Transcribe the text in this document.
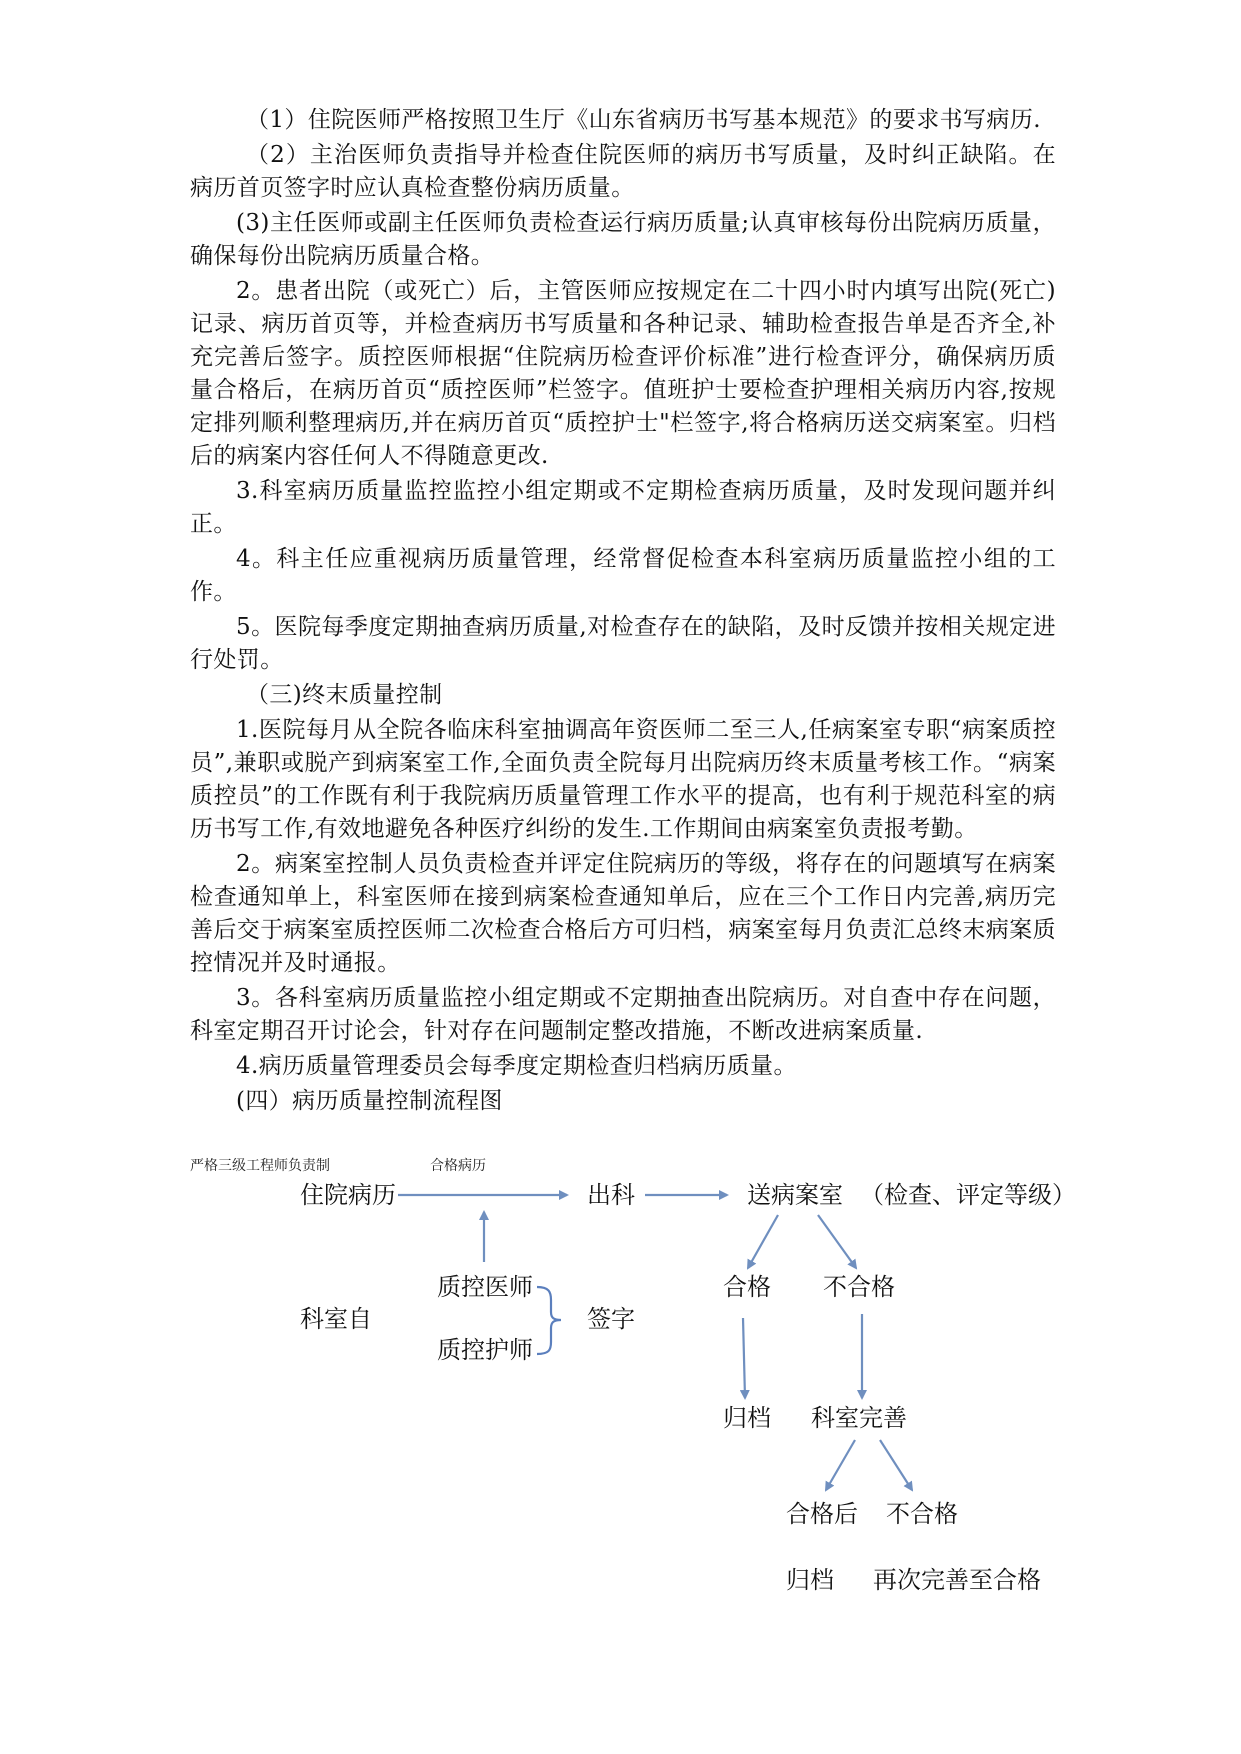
（1）住院医师严格按照卫生厅《山东省病历书写基本规范》的要求书写病历.

（2）主治医师负责指导并检查住院医师的病历书写质量，及时纠正缺陷。在病历首页签字时应认真检查整份病历质量。

(3)主任医师或副主任医师负责检查运行病历质量;认真审核每份出院病历质量，确保每份出院病历质量合格。

2。患者出院（或死亡）后，主管医师应按规定在二十四小时内填写出院(死亡)记录、病历首页等，并检查病历书写质量和各种记录、辅助检查报告单是否齐全,补充完善后签字。质控医师根据“住院病历检查评价标准”进行检查评分，确保病历质量合格后，在病历首页“质控医师”栏签字。值班护士要检查护理相关病历内容,按规定排列顺利整理病历,并在病历首页“质控护士"栏签字,将合格病历送交病案室。归档后的病案内容任何人不得随意更改.

3.科室病历质量监控监控小组定期或不定期检查病历质量，及时发现问题并纠正。

4。科主任应重视病历质量管理，经常督促检查本科室病历质量监控小组的工作。

5。医院每季度定期抽查病历质量,对检查存在的缺陷，及时反馈并按相关规定进行处罚。

（三)终末质量控制

1.医院每月从全院各临床科室抽调高年资医师二至三人,任病案室专职“病案质控员”,兼职或脱产到病案室工作,全面负责全院每月出院病历终末质量考核工作。“病案质控员”的工作既有利于我院病历质量管理工作水平的提高，也有利于规范科室的病历书写工作,有效地避免各种医疗纠纷的发生.工作期间由病案室负责报考勤。

2。病案室控制人员负责检查并评定住院病历的等级，将存在的问题填写在病案检查通知单上，科室医师在接到病案检查通知单后，应在三个工作日内完善,病历完善后交于病案室质控医师二次检查合格后方可归档，病案室每月负责汇总终末病案质控情况并及时通报。

3。各科室病历质量监控小组定期或不定期抽查出院病历。对自查中存在问题，科室定期召开讨论会，针对存在问题制定整改措施，不断改进病案质量.

4.病历质量管理委员会每季度定期检查归档病历质量。

(四）病历质量控制流程图

严格三级工程师负责制	合格病历
住院病历	出科	送病案室 （检查、评定等级）
质控医师
质控护师
科室自	签字
合格 不合格
归档 科室完善
合格后 不合格
归档 再次完善至合格
